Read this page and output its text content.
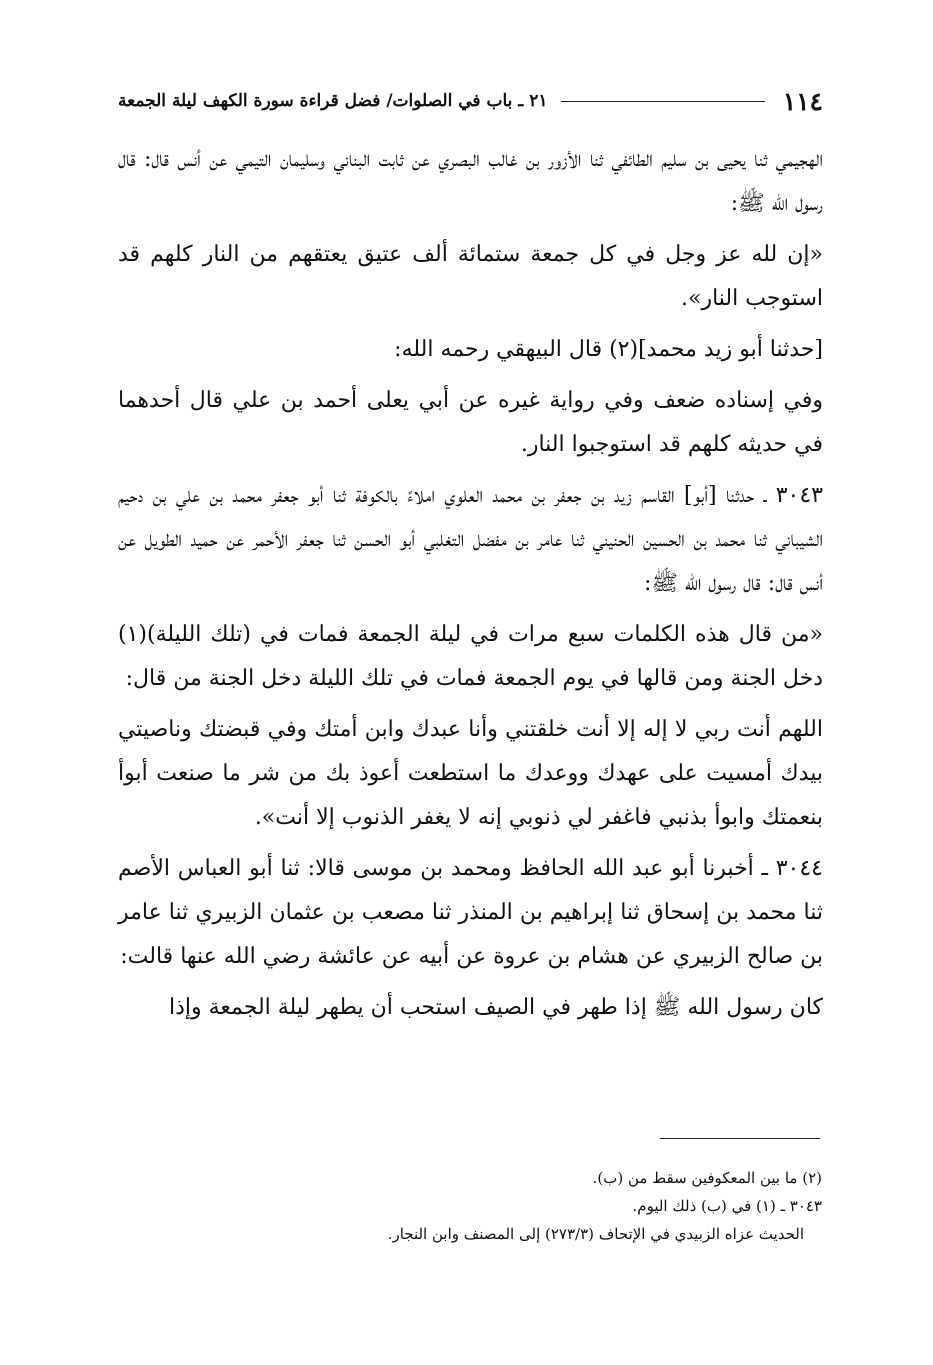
١١٤
٢١ ـ باب في الصلوات/ فضل قراءة سورة الكهف ليلة الجمعة

الهجيمي ثنا يحيى بن سليم الطائفي ثنا الأزور بن غالب البصري عن ثابت البناني وسليمان التيمي عن أنس قال: قال رسول الله ﷺ:

«إن لله عز وجل في كل جمعة ستمائة ألف عتيق يعتقهم من النار كلهم قد استوجب النار».

[حدثنا أبو زيد محمد](٢) قال البيهقي رحمه الله:

وفي إسناده ضعف وفي رواية غيره عن أبي يعلى أحمد بن علي قال أحدهما في حديثه كلهم قد استوجبوا النار.

٣٠٤٣ ـ حدثنا [أبو] القاسم زيد بن جعفر بن محمد العلوي املاءً بالكوفة ثنا أبو جعفر محمد بن علي بن دحيم الشيباني ثنا محمد بن الحسين الحنيني ثنا عامر بن مفضل التغلبي أبو الحسن ثنا جعفر الأحمر عن حميد الطويل عن أنس قال: قال رسول الله ﷺ:

«من قال هذه الكلمات سبع مرات في ليلة الجمعة فمات في (تلك الليلة)(١) دخل الجنة ومن قالها في يوم الجمعة فمات في تلك الليلة دخل الجنة من قال:

اللهم أنت ربي لا إله إلا أنت خلقتني وأنا عبدك وابن أمتك وفي قبضتك وناصيتي بيدك أمسيت على عهدك ووعدك ما استطعت أعوذ بك من شر ما صنعت أبوأ بنعمتك وابوأ بذنبي فاغفر لي ذنوبي إنه لا يغفر الذنوب إلا أنت».

٣٠٤٤ ـ أخبرنا أبو عبد الله الحافظ ومحمد بن موسى قالا: ثنا أبو العباس الأصم ثنا محمد بن إسحاق ثنا إبراهيم بن المنذر ثنا مصعب بن عثمان الزبيري ثنا عامر بن صالح الزبيري عن هشام بن عروة عن أبيه عن عائشة رضي الله عنها قالت:

كان رسول الله ﷺ إذا طهر في الصيف استحب أن يطهر ليلة الجمعة وإذا

(٢) ما بين المعكوفين سقط من (ب).

٣٠٤٣ ـ (١) في (ب) ذلك اليوم.

الحديث عزاه الزبيدي في الإتحاف (٢٧٣/٣) إلى المصنف وابن النجار.
